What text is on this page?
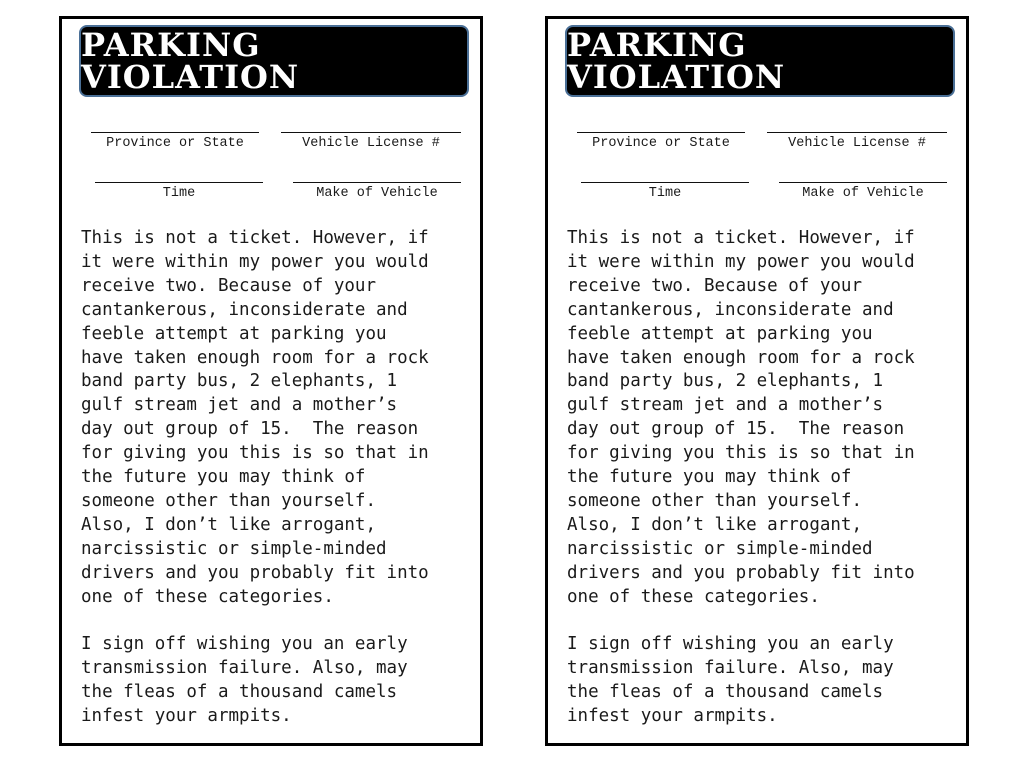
PARKING VIOLATION
Province or State	Vehicle License #
Time	Make of Vehicle
This is not a ticket. However, if
it were within my power you would
receive two. Because of your
cantankerous, inconsiderate and
feeble attempt at parking you
have taken enough room for a rock
band party bus, 2 elephants, 1
gulf stream jet and a mother’s
day out group of 15.  The reason
for giving you this is so that in
the future you may think of
someone other than yourself.
Also, I don’t like arrogant,
narcissistic or simple-minded
drivers and you probably fit into
one of these categories.

I sign off wishing you an early
transmission failure. Also, may
the fleas of a thousand camels
infest your armpits.
PARKING VIOLATION
Province or State	Vehicle License #
Time	Make of Vehicle
This is not a ticket. However, if
it were within my power you would
receive two. Because of your
cantankerous, inconsiderate and
feeble attempt at parking you
have taken enough room for a rock
band party bus, 2 elephants, 1
gulf stream jet and a mother’s
day out group of 15.  The reason
for giving you this is so that in
the future you may think of
someone other than yourself.
Also, I don’t like arrogant,
narcissistic or simple-minded
drivers and you probably fit into
one of these categories.

I sign off wishing you an early
transmission failure. Also, may
the fleas of a thousand camels
infest your armpits.
